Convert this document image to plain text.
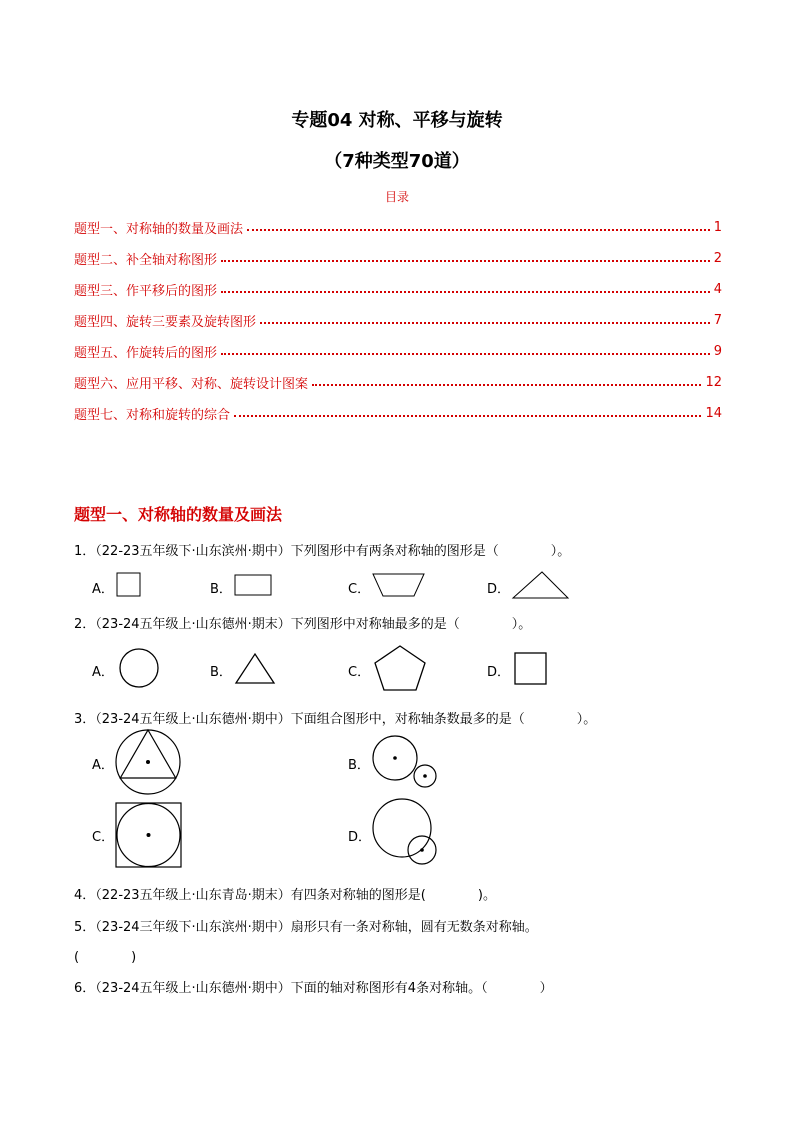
专题04 对称、平移与旋转
（7种类型70道）
目录
题型一、对称轴的数量及画法	1
题型二、补全轴对称图形	2
题型三、作平移后的图形	4
题型四、旋转三要素及旋转图形	7
题型五、作旋转后的图形	9
题型六、应用平移、对称、旋转设计图案	12
题型七、对称和旋转的综合	14
题型一、对称轴的数量及画法
1．（22-23五年级下·山东滨州·期中）下列图形中有两条对称轴的图形是（　　　　）。
A．	B．	C．	D．
2．（23-24五年级上·山东德州·期末）下列图形中对称轴最多的是（　　　　）。
A．	B．	C．	D．
3．（23-24五年级上·山东德州·期中）下面组合图形中，对称轴条数最多的是（　　　　）。
A．	B．
C．	D．
4．（22-23五年级上·山东青岛·期末）有四条对称轴的图形是(　　　　)。
5．（23-24三年级下·山东滨州·期中）扇形只有一条对称轴，圆有无数条对称轴。
(　　　　)
6．（23-24五年级上·山东德州·期中）下面的轴对称图形有4条对称轴。（　　　　）
